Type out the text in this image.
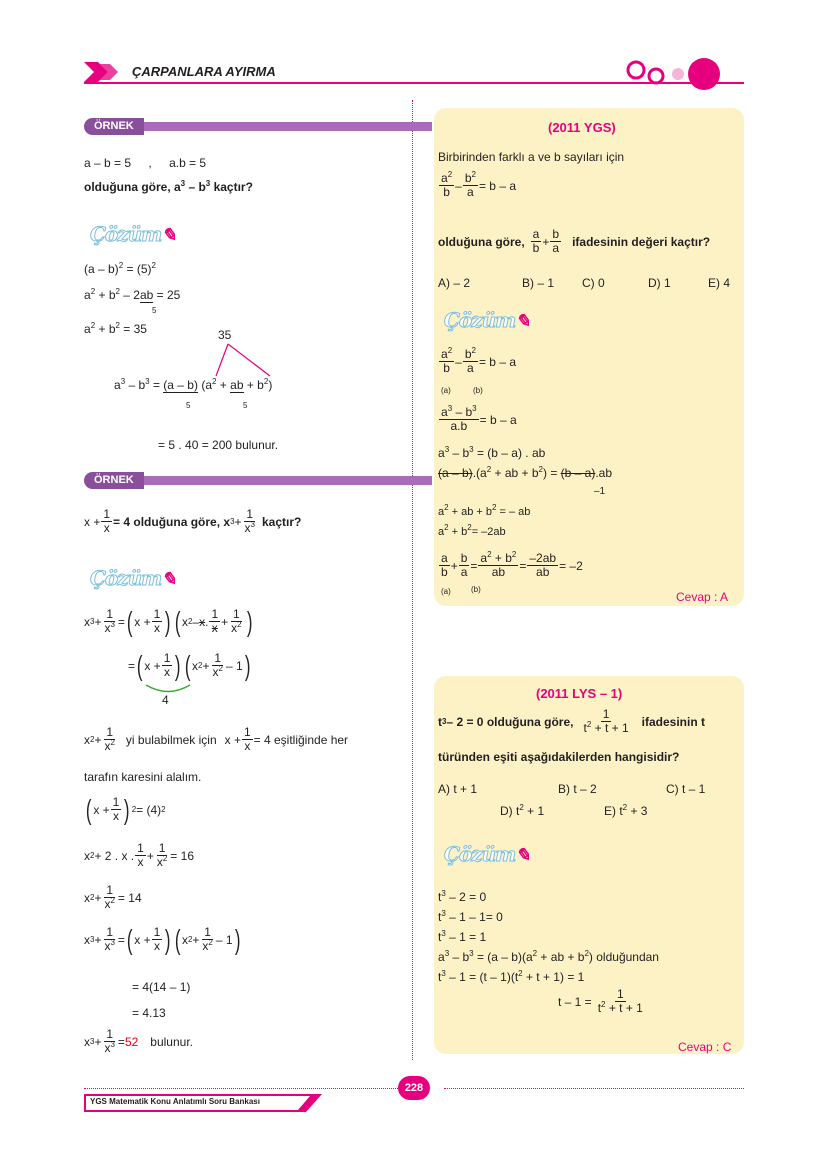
ÇARPANLARA AYIRMA
ÖRNEK - 29
a – b = 5 , a.b = 5
olduğuna göre, $a^3 - b^3$ kaçtır?
Çözüm✎
$(a - b)^2 = (5)^2$
$a^2 + b^2 - 2ab = 25$
5
$a^2 + b^2 = 35$	35
$a^3 - b^3 = (a - b) (a^2$ + ab + $b^2$)
5	5
= 5 . 40 = 200 bulunur.
ÖRNEK - 30
$x + \frac{1}{x} = 4$ olduğuna göre, x $3 + \frac{1}{x^3}$ kaçtır?
Çözüm✎
x $3 + \frac{1}{x^3}$ = ( $x + \frac{1}{x}$ ) ( x 2 – x . $\frac{1}{x} + \frac{1}{x^2}$ )
= ( $x + \frac{1}{x}$ ) ( x $2 + \frac{1}{x^2} - 1$ )
4
x $2 + \frac{1}{x^2}$ yi bulabilmek için $x + \frac{1}{x} = 4$ eşitliğinde her
tarafın karesini alalım.
( $x + \frac{1}{x}$ ) 2 = (4) 2
x 2 + 2 . x . $\frac{1}{x} + \frac{1}{x^2} = 16$
x $2 + \frac{1}{x^2} = 14$
x $3 + \frac{1}{x^3}$ = ( $x + \frac{1}{x}$ ) ( x $2 + \frac{1}{x^2} - 1$ )
= 4(14 – 1)
= 4.13
x $3 + \frac{1}{x^3} = 52$ bulunur.
(2011 YGS)
Birbirinden farklı a ve b sayıları için
$\frac{a^2}{b} - \frac{b^2}{a} = b - a$
olduğuna göre, $\frac{a}{b} + \frac{b}{a}$ ifadesinin değeri kaçtır?
A) – 2	B) – 1 C) 0	D) 1	E) 4
Çözüm✎
$\frac{a^2}{b} - \frac{b^2}{a} = b - a$
(a)	(b)
$\frac{a^3 - b^3}{a.b} = b - a$
$a^3 - b^3 = (b - a)$ . ab
$(a - b).(a^2$ + ab + $b^2) = (b - a).ab$
–1
$a^2$ + ab + $b^2$ = – ab
$a^2 + b^2= -2ab$
$\frac{a}{b} + \frac{b}{a} = \frac{a^2 + b^2}{ab} = \frac{-2ab}{ab} = -2$
(a)	(b)
Cevap : A
(2011 LYS – 1)
t 3 – 2 = 0 olduğuna göre, $\frac{1}{t^2 + t + 1}$ ifadesinin t
türünden eşiti aşağıdakilerden hangisidir?
A) t + 1	B) t – 2	C) t – 1
D) $t^2 + 1$	E) $t^2 + 3$
Çözüm✎
$t^3 - 2 = 0$
$t^3 - 1 - 1= 0$
$t^3 - 1 = 1$
$a^3 - b^3 = (a - b)(a^2$ + ab + $b^2$) olduğundan
$t^3 - 1 = (t - 1)(t^2 + t + 1) = 1$
$t - 1 = \frac{1}{t^2 + t + 1}$
Cevap : C
228
YGS Matematik Konu Anlatımlı Soru Bankası
